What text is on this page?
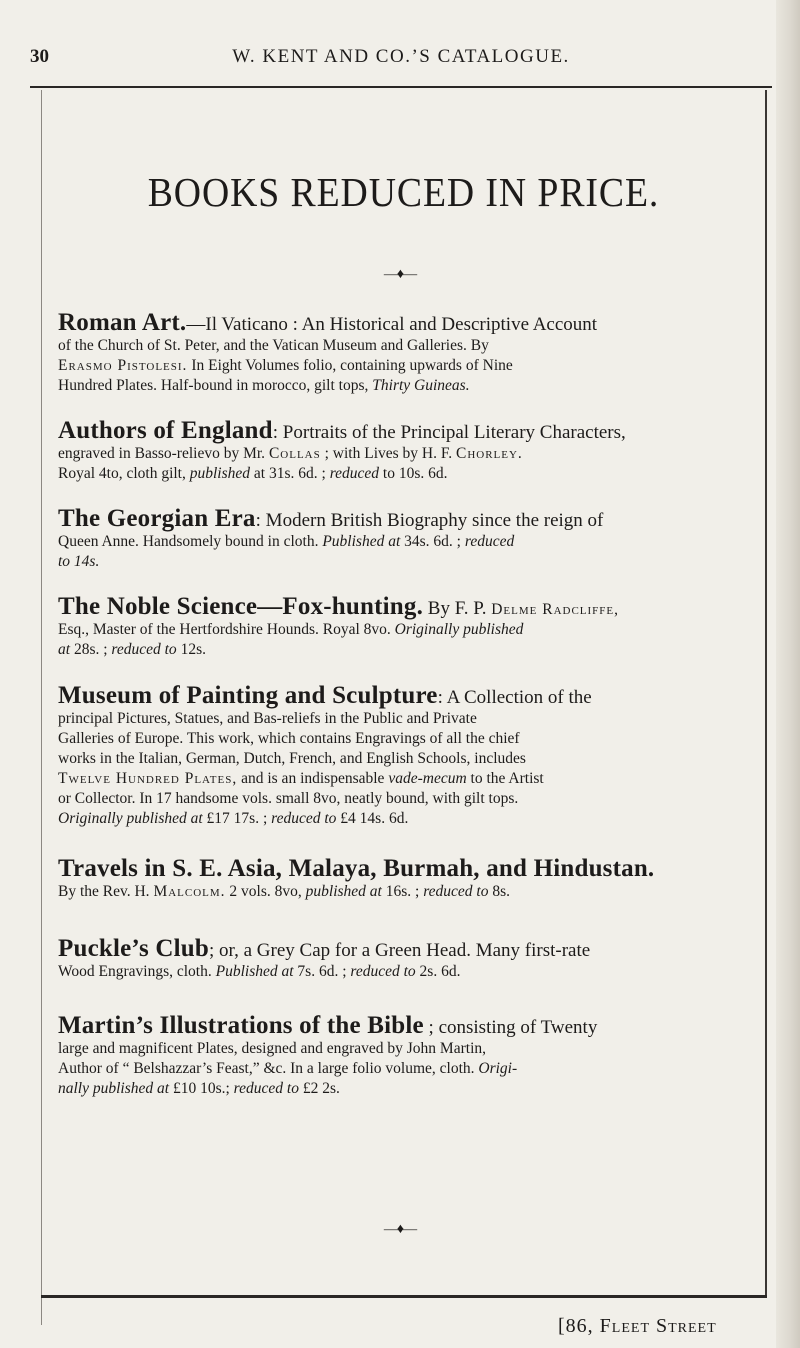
30	W. KENT AND CO.’S CATALOGUE.
BOOKS REDUCED IN PRICE.
—♦—
Roman Art.—Il Vaticano : An Historical and Descriptive Account
of the Church of St. Peter, and the Vatican Museum and Galleries. By
Erasmo Pistolesi. In Eight Volumes folio, containing upwards of Nine
Hundred Plates. Half-bound in morocco, gilt tops, Thirty Guineas.
Authors of England: Portraits of the Principal Literary Characters,
engraved in Basso-relievo by Mr. Collas ; with Lives by H. F. Chorley.
Royal 4to, cloth gilt, published at 31s. 6d. ; reduced to 10s. 6d.
The Georgian Era: Modern British Biography since the reign of
Queen Anne. Handsomely bound in cloth. Published at 34s. 6d. ; reduced
to 14s.
The Noble Science—Fox-hunting. By F. P. Delme Radcliffe,
Esq., Master of the Hertfordshire Hounds. Royal 8vo. Originally published
at 28s. ; reduced to 12s.
Museum of Painting and Sculpture: A Collection of the
principal Pictures, Statues, and Bas-reliefs in the Public and Private
Galleries of Europe. This work, which contains Engravings of all the chief
works in the Italian, German, Dutch, French, and English Schools, includes
Twelve Hundred Plates, and is an indispensable vade-mecum to the Artist
or Collector. In 17 handsome vols. small 8vo, neatly bound, with gilt tops.
Originally published at £17 17s. ; reduced to £4 14s. 6d.
Travels in S. E. Asia, Malaya, Burmah, and Hindustan.
By the Rev. H. Malcolm. 2 vols. 8vo, published at 16s. ; reduced to 8s.
Puckle’s Club; or, a Grey Cap for a Green Head. Many first-rate
Wood Engravings, cloth. Published at 7s. 6d. ; reduced to 2s. 6d.
Martin’s Illustrations of the Bible ; consisting of Twenty
large and magnificent Plates, designed and engraved by John Martin,
Author of “ Belshazzar’s Feast,” &c. In a large folio volume, cloth. Origi-
nally published at £10 10s.; reduced to £2 2s.
—♦—
[86, Fleet Street
